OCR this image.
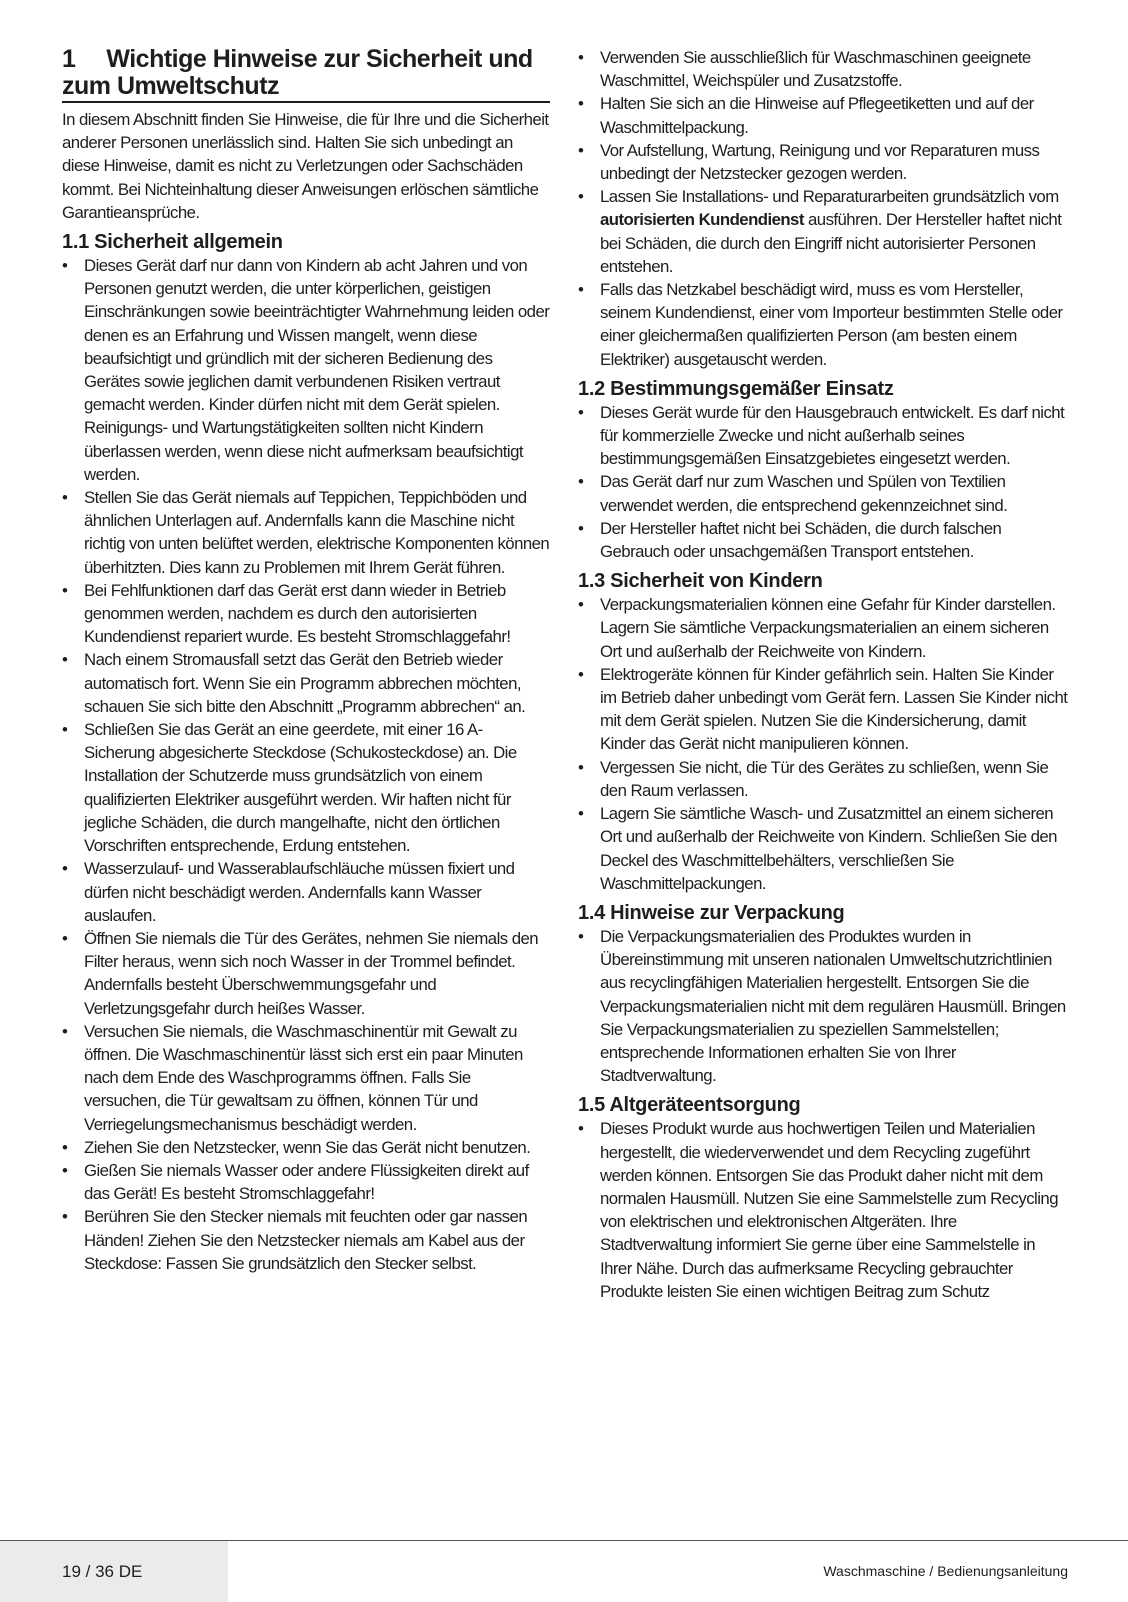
1  Wichtige Hinweise zur Sicherheit und zum Umweltschutz

In diesem Abschnitt finden Sie Hinweise, die für Ihre und die Sicherheit anderer Personen unerlässlich sind. Halten Sie sich unbedingt an diese Hinweise, damit es nicht zu Verletzungen oder Sachschäden kommt. Bei Nichteinhaltung dieser Anweisungen erlöschen sämtliche Garantieansprüche.

1.1 Sicherheit allgemein
• Dieses Gerät darf nur dann von Kindern ab acht Jahren und von Personen genutzt werden, die unter körperlichen, geistigen Einschränkungen sowie beeinträchtigter Wahrnehmung leiden oder denen es an Erfahrung und Wissen mangelt, wenn diese beaufsichtigt und gründlich mit der sicheren Bedienung des Gerätes sowie jeglichen damit verbundenen Risiken vertraut gemacht werden. Kinder dürfen nicht mit dem Gerät spielen. Reinigungs- und Wartungstätigkeiten sollten nicht Kindern überlassen werden, wenn diese nicht aufmerksam beaufsichtigt werden.
• Stellen Sie das Gerät niemals auf Teppichen, Teppichböden und ähnlichen Unterlagen auf. Andernfalls kann die Maschine nicht richtig von unten belüftet werden, elektrische Komponenten können überhitzten. Dies kann zu Problemen mit Ihrem Gerät führen.
• Bei Fehlfunktionen darf das Gerät erst dann wieder in Betrieb genommen werden, nachdem es durch den autorisierten Kundendienst repariert wurde. Es besteht Stromschlaggefahr!
• Nach einem Stromausfall setzt das Gerät den Betrieb wieder automatisch fort. Wenn Sie ein Programm abbrechen möchten, schauen Sie sich bitte den Abschnitt „Programm abbrechen“ an.
• Schließen Sie das Gerät an eine geerdete, mit einer 16 A-Sicherung abgesicherte Steckdose (Schukosteckdose) an. Die Installation der Schutzerde muss grundsätzlich von einem qualifizierten Elektriker ausgeführt werden. Wir haften nicht für jegliche Schäden, die durch mangelhafte, nicht den örtlichen Vorschriften entsprechende, Erdung entstehen.
• Wasserzulauf- und Wasserablaufschläuche müssen fixiert und dürfen nicht beschädigt werden. Andernfalls kann Wasser auslaufen.
• Öffnen Sie niemals die Tür des Gerätes, nehmen Sie niemals den Filter heraus, wenn sich noch Wasser in der Trommel befindet. Andernfalls besteht Überschwemmungsgefahr und Verletzungsgefahr durch heißes Wasser.
• Versuchen Sie niemals, die Waschmaschinentür mit Gewalt zu öffnen. Die Waschmaschinentür lässt sich erst ein paar Minuten nach dem Ende des Waschprogramms öffnen. Falls Sie versuchen, die Tür gewaltsam zu öffnen, können Tür und Verriegelungsmechanismus beschädigt werden.
• Ziehen Sie den Netzstecker, wenn Sie das Gerät nicht benutzen.
• Gießen Sie niemals Wasser oder andere Flüssigkeiten direkt auf das Gerät! Es besteht Stromschlaggefahr!
• Berühren Sie den Stecker niemals mit feuchten oder gar nassen Händen! Ziehen Sie den Netzstecker niemals am Kabel aus der Steckdose: Fassen Sie grundsätzlich den Stecker selbst.
• Verwenden Sie ausschließlich für Waschmaschinen geeignete Waschmittel, Weichspüler und Zusatzstoffe.
• Halten Sie sich an die Hinweise auf Pflegeetiketten und auf der Waschmittelpackung.
• Vor Aufstellung, Wartung, Reinigung und vor Reparaturen muss unbedingt der Netzstecker gezogen werden.
• Lassen Sie Installations- und Reparaturarbeiten grundsätzlich vom autorisierten Kundendienst ausführen. Der Hersteller haftet nicht bei Schäden, die durch den Eingriff nicht autorisierter Personen entstehen.
• Falls das Netzkabel beschädigt wird, muss es vom Hersteller, seinem Kundendienst, einer vom Importeur bestimmten Stelle oder einer gleichermaßen qualifizierten Person (am besten einem Elektriker) ausgetauscht werden.
1.2 Bestimmungsgemäßer Einsatz
• Dieses Gerät wurde für den Hausgebrauch entwickelt. Es darf nicht für kommerzielle Zwecke und nicht außerhalb seines bestimmungsgemäßen Einsatzgebietes eingesetzt werden.
• Das Gerät darf nur zum Waschen und Spülen von Textilien verwendet werden, die entsprechend gekennzeichnet sind.
• Der Hersteller haftet nicht bei Schäden, die durch falschen Gebrauch oder unsachgemäßen Transport entstehen.
1.3 Sicherheit von Kindern
• Verpackungsmaterialien können eine Gefahr für Kinder darstellen. Lagern Sie sämtliche Verpackungsmaterialien an einem sicheren Ort und außerhalb der Reichweite von Kindern.
• Elektrogeräte können für Kinder gefährlich sein. Halten Sie Kinder im Betrieb daher unbedingt vom Gerät fern. Lassen Sie Kinder nicht mit dem Gerät spielen. Nutzen Sie die Kindersicherung, damit Kinder das Gerät nicht manipulieren können.
• Vergessen Sie nicht, die Tür des Gerätes zu schließen, wenn Sie den Raum verlassen.
• Lagern Sie sämtliche Wasch- und Zusatzmittel an einem sicheren Ort und außerhalb der Reichweite von Kindern. Schließen Sie den Deckel des Waschmittelbehälters, verschließen Sie Waschmittelpackungen.
1.4 Hinweise zur Verpackung
• Die Verpackungsmaterialien des Produktes wurden in Übereinstimmung mit unseren nationalen Umweltschutzrichtlinien aus recyclingfähigen Materialien hergestellt. Entsorgen Sie die Verpackungsmaterialien nicht mit dem regulären Hausmüll. Bringen Sie Verpackungsmaterialien zu speziellen Sammelstellen; entsprechende Informationen erhalten Sie von Ihrer Stadtverwaltung.
1.5 Altgeräteentsorgung
• Dieses Produkt wurde aus hochwertigen Teilen und Materialien hergestellt, die wiederverwendet und dem Recycling zugeführt werden können. Entsorgen Sie das Produkt daher nicht mit dem normalen Hausmüll. Nutzen Sie eine Sammelstelle zum Recycling von elektrischen und elektronischen Altgeräten. Ihre Stadtverwaltung informiert Sie gerne über eine Sammelstelle in Ihrer Nähe. Durch das aufmerksame Recycling gebrauchter Produkte leisten Sie einen wichtigen Beitrag zum Schutz
19 / 36 DE	Waschmaschine / Bedienungsanleitung
